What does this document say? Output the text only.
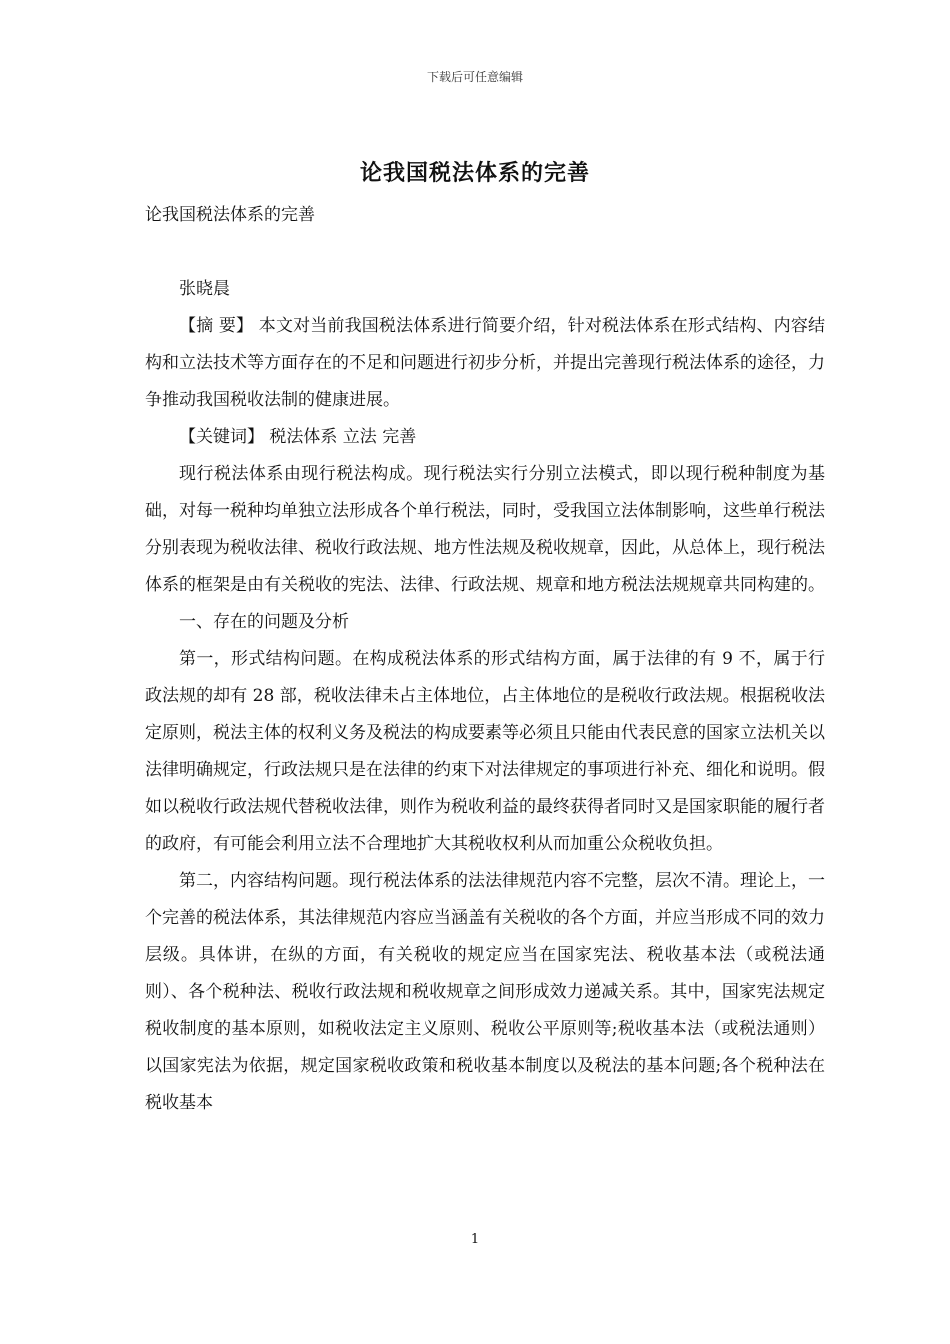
下载后可任意编辑
论我国税法体系的完善
论我国税法体系的完善

张晓晨

【摘 要】 本文对当前我国税法体系进行简要介绍，针对税法体系在形式结构、内容结构和立法技术等方面存在的不足和问题进行初步分析，并提出完善现行税法体系的途径，力争推动我国税收法制的健康进展。

【关键词】 税法体系 立法 完善

现行税法体系由现行税法构成。现行税法实行分别立法模式，即以现行税种制度为基础，对每一税种均单独立法形成各个单行税法，同时，受我国立法体制影响，这些单行税法分别表现为税收法律、税收行政法规、地方性法规及税收规章，因此，从总体上，现行税法体系的框架是由有关税收的宪法、法律、行政法规、规章和地方税法法规规章共同构建的。

一、存在的问题及分析

第一，形式结构问题。在构成税法体系的形式结构方面，属于法律的有 9 不，属于行政法规的却有 28 部，税收法律未占主体地位，占主体地位的是税收行政法规。根据税收法定原则，税法主体的权利义务及税法的构成要素等必须且只能由代表民意的国家立法机关以法律明确规定，行政法规只是在法律的约束下对法律规定的事项进行补充、细化和说明。假如以税收行政法规代替税收法律，则作为税收利益的最终获得者同时又是国家职能的履行者的政府，有可能会利用立法不合理地扩大其税收权利从而加重公众税收负担。

第二，内容结构问题。现行税法体系的法法律规范内容不完整，层次不清。理论上，一个完善的税法体系，其法律规范内容应当涵盖有关税收的各个方面，并应当形成不同的效力层级。具体讲，在纵的方面，有关税收的规定应当在国家宪法、税收基本法（或税法通则）、各个税种法、税收行政法规和税收规章之间形成效力递减关系。其中，国家宪法规定税收制度的基本原则，如税收法定主义原则、税收公平原则等;税收基本法（或税法通则）以国家宪法为依据，规定国家税收政策和税收基本制度以及税法的基本问题;各个税种法在税收基本

1
